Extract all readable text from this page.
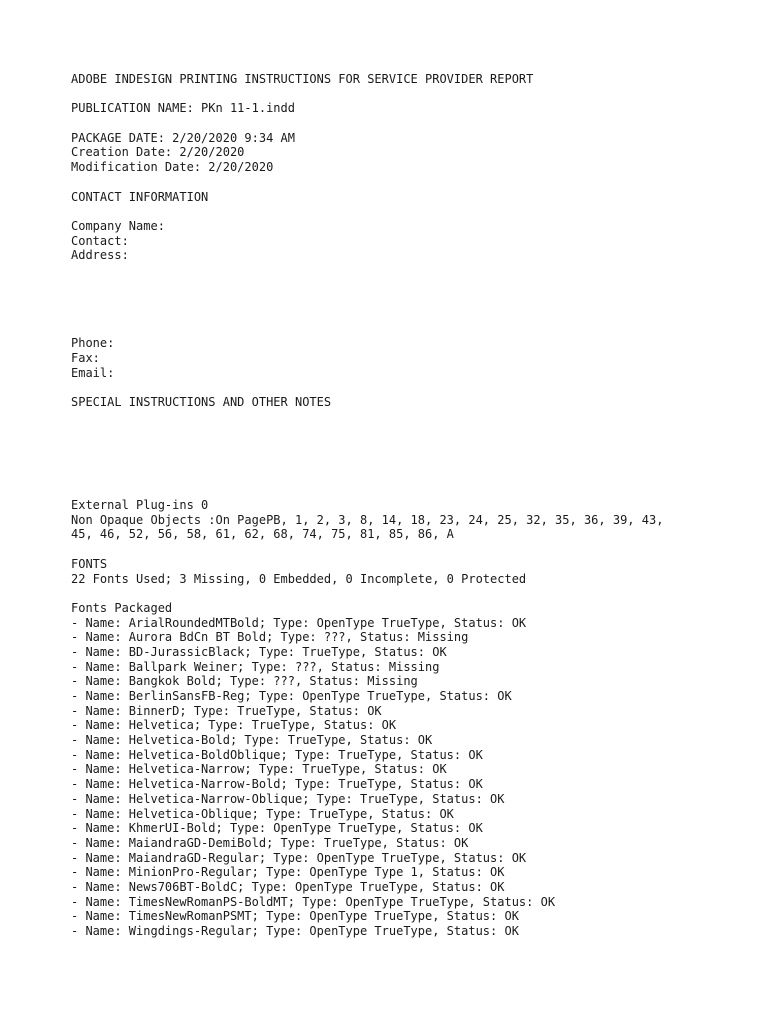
ADOBE INDESIGN PRINTING INSTRUCTIONS FOR SERVICE PROVIDER REPORT
PUBLICATION NAME: PKn 11-1.indd
PACKAGE DATE: 2/20/2020 9:34 AM
Creation Date: 2/20/2020
Modification Date: 2/20/2020
CONTACT INFORMATION
Company Name:
Contact:
Address:
Phone:
Fax:
Email:
SPECIAL INSTRUCTIONS AND OTHER NOTES
External Plug-ins 0
Non Opaque Objects :On PagePB, 1, 2, 3, 8, 14, 18, 23, 24, 25, 32, 35, 36, 39, 43,
45, 46, 52, 56, 58, 61, 62, 68, 74, 75, 81, 85, 86, A
FONTS
22 Fonts Used; 3 Missing, 0 Embedded, 0 Incomplete, 0 Protected
Fonts Packaged
- Name: ArialRoundedMTBold; Type: OpenType TrueType, Status: OK
- Name: Aurora BdCn BT Bold; Type: ???, Status: Missing
- Name: BD-JurassicBlack; Type: TrueType, Status: OK
- Name: Ballpark Weiner; Type: ???, Status: Missing
- Name: Bangkok Bold; Type: ???, Status: Missing
- Name: BerlinSansFB-Reg; Type: OpenType TrueType, Status: OK
- Name: BinnerD; Type: TrueType, Status: OK
- Name: Helvetica; Type: TrueType, Status: OK
- Name: Helvetica-Bold; Type: TrueType, Status: OK
- Name: Helvetica-BoldOblique; Type: TrueType, Status: OK
- Name: Helvetica-Narrow; Type: TrueType, Status: OK
- Name: Helvetica-Narrow-Bold; Type: TrueType, Status: OK
- Name: Helvetica-Narrow-Oblique; Type: TrueType, Status: OK
- Name: Helvetica-Oblique; Type: TrueType, Status: OK
- Name: KhmerUI-Bold; Type: OpenType TrueType, Status: OK
- Name: MaiandraGD-DemiBold; Type: TrueType, Status: OK
- Name: MaiandraGD-Regular; Type: OpenType TrueType, Status: OK
- Name: MinionPro-Regular; Type: OpenType Type 1, Status: OK
- Name: News706BT-BoldC; Type: OpenType TrueType, Status: OK
- Name: TimesNewRomanPS-BoldMT; Type: OpenType TrueType, Status: OK
- Name: TimesNewRomanPSMT; Type: OpenType TrueType, Status: OK
- Name: Wingdings-Regular; Type: OpenType TrueType, Status: OK
